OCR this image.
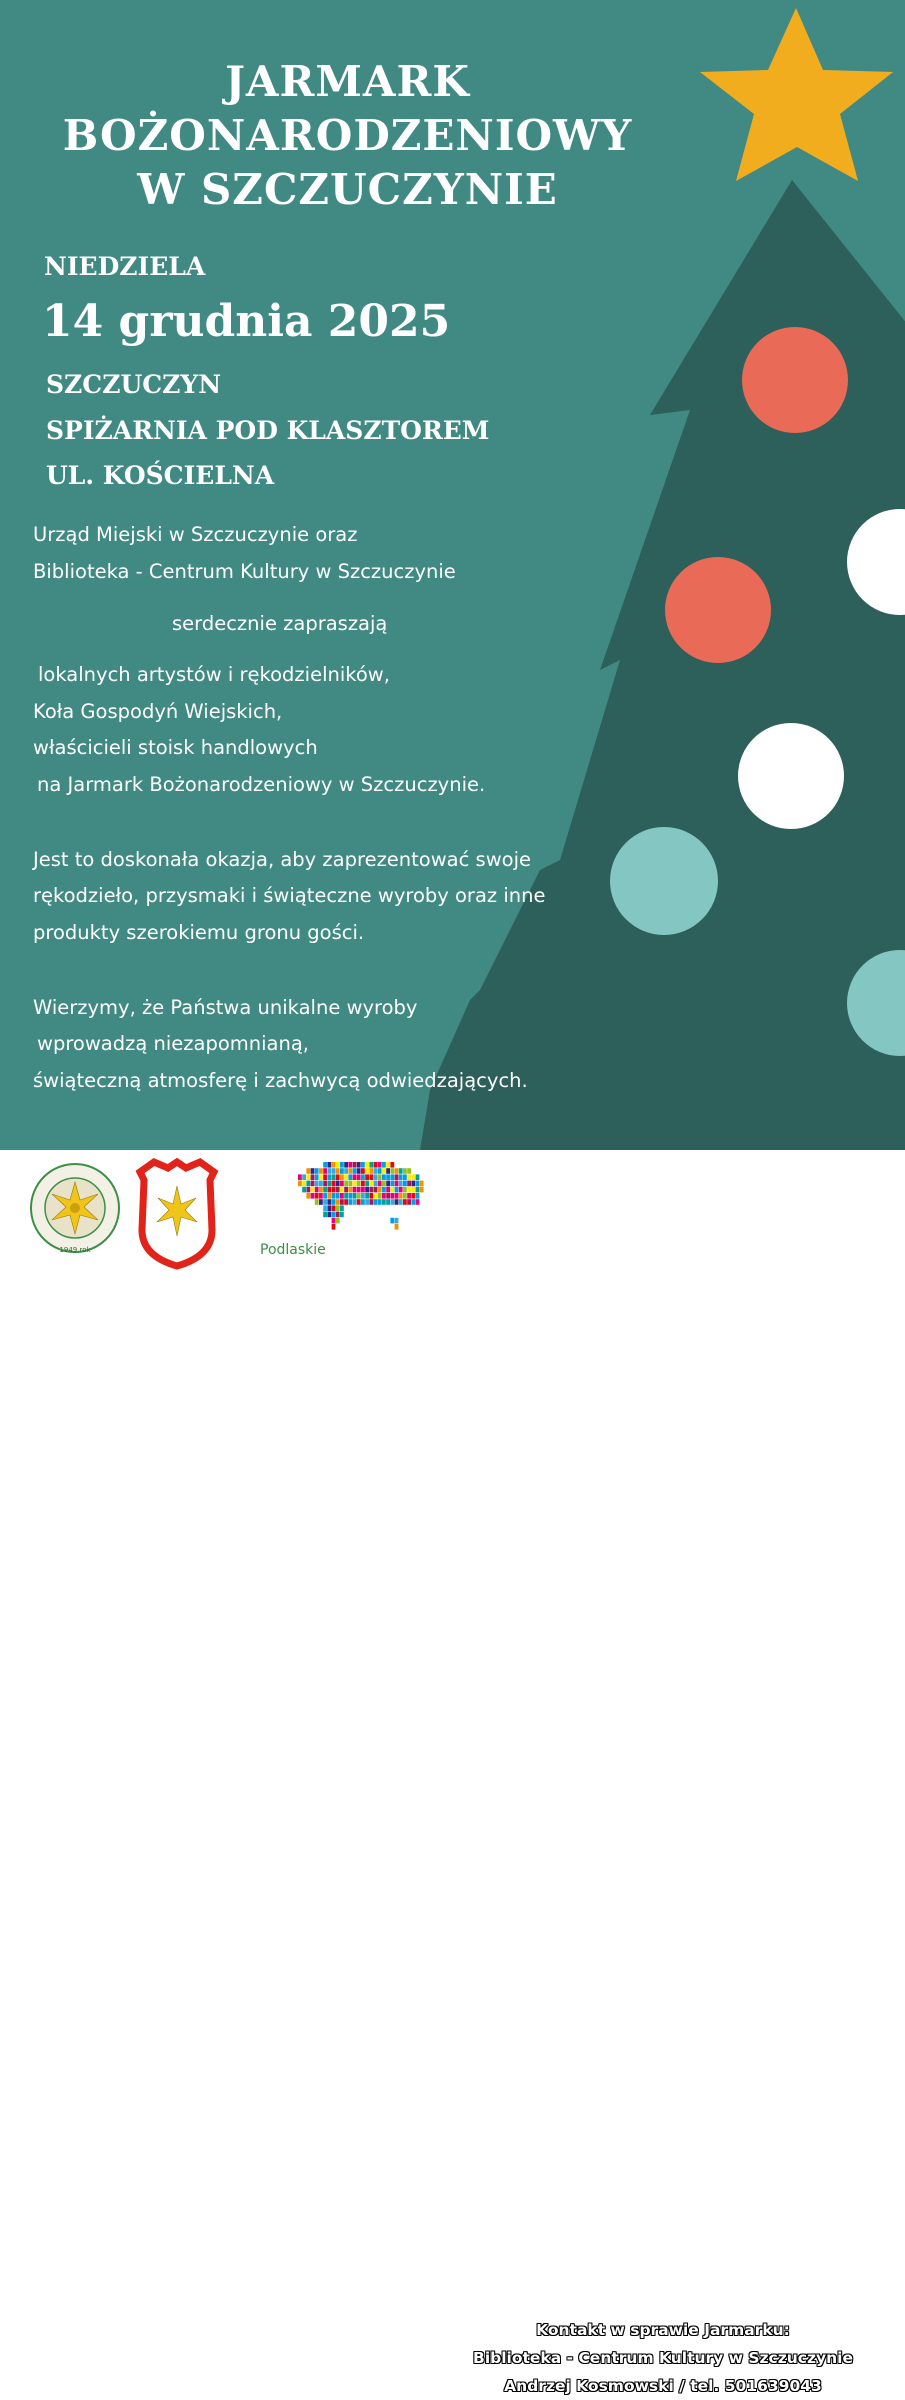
JARMARK
BOŻONARODZENIOWY
W SZCZUCZYNIE
NIEDZIELA
14 grudnia 2025
SZCZUCZYN
SPIŻARNIA POD KLASZTOREM
UL. KOŚCIELNA
Urząd Miejski w Szczuczynie oraz
Biblioteka - Centrum Kultury w Szczuczynie
serdecznie zapraszają
lokalnych artystów i rękodzielników,
Koła Gospodyń Wiejskich,
właścicieli stoisk handlowych
na Jarmark Bożonarodzeniowy w Szczuczynie.
Jest to doskonała okazja, aby zaprezentować swoje
rękodzieło, przysmaki i świąteczne wyroby oraz inne
produkty szerokiemu gronu gości.
Wierzymy, że Państwa unikalne wyroby
wprowadzą niezapomnianą,
świąteczną atmosferę i zachwycą odwiedzających.
1949 rok	Podlaskie
Kontakt w sprawie Jarmarku:
Biblioteka - Centrum Kultury w Szczuczynie
Andrzej Kosmowski / tel. 501639043
